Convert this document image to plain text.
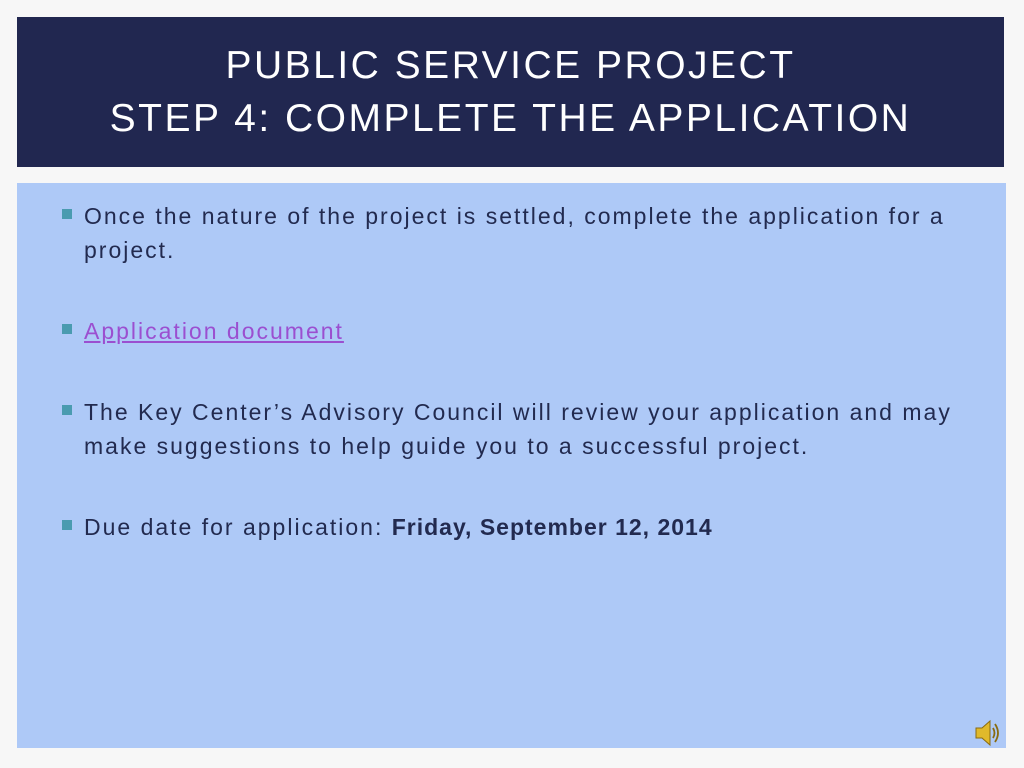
PUBLIC SERVICE PROJECT
STEP 4: COMPLETE THE APPLICATION
Once the nature of the project is settled, complete the application for a project.
Application document
The Key Center’s Advisory Council will review your application and may make suggestions to help guide you to a successful project.
Due date for application: Friday, September 12, 2014
